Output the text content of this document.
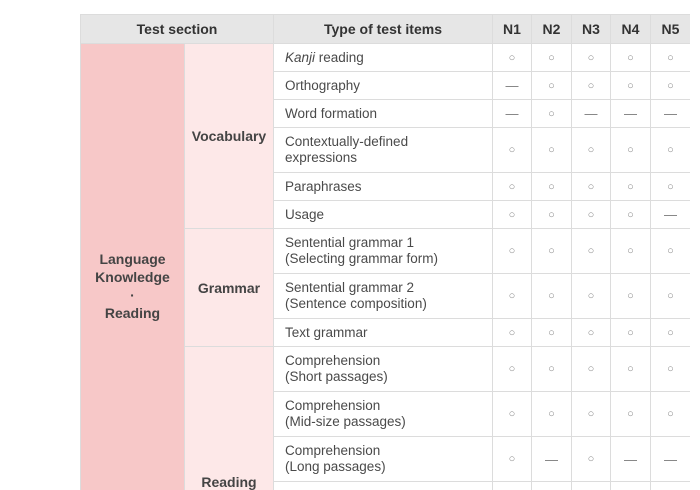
Test section		Type of test items	N1	N2	N3	N4	N5

Language
Knowledge
·
Reading	Vocabulary	Kanji reading	○	○	○	○	○
		Orthography	—	○	○	○	○
		Word formation	—	○	—	—	—

		Contextually-defined
expressions	○	○	○	○	○
		Paraphrases	○	○	○	○	○
		Usage	○	○	○	○	—
	Grammar	Sentential grammar 1
(Selecting grammar form)	○	○	○	○	○

		Sentential grammar 2
(Sentence composition)	○	○	○	○	○
		Text grammar	○	○	○	○	○
	Reading	Comprehension
(Short passages)	○	○	○	○	○

		Comprehension
(Mid-size passages)	○	○	○	○	○

		Comprehension
(Long passages)	○	—	○	—	—
